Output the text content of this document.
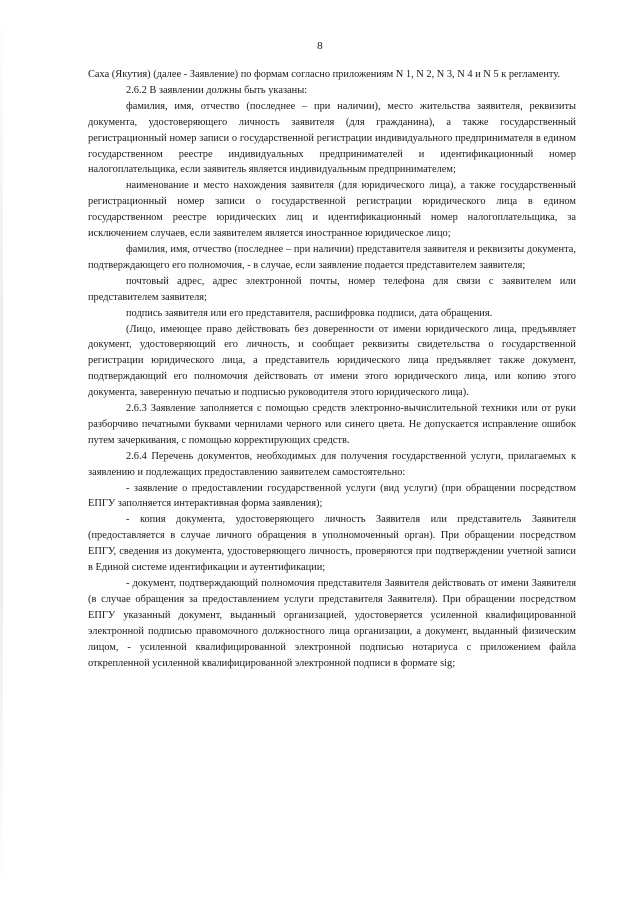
8

Саха (Якутия) (далее - Заявление) по формам согласно приложениям N 1, N 2, N 3, N 4 и N 5 к регламенту.

2.6.2 В заявлении должны быть указаны:

фамилия, имя, отчество (последнее – при наличии), место жительства заявителя, реквизиты документа, удостоверяющего личность заявителя (для гражданина), а также государственный регистрационный номер записи о государственной регистрации индивидуального предпринимателя в едином государственном реестре индивидуальных предпринимателей и идентификационный номер налогоплательщика, если заявитель является индивидуальным предпринимателем;

наименование и место нахождения заявителя (для юридического лица), а также государственный регистрационный номер записи о государственной регистрации юридического лица в едином государственном реестре юридических лиц и идентификационный номер налогоплательщика, за исключением случаев, если заявителем является иностранное юридическое лицо;

фамилия, имя, отчество (последнее – при наличии) представителя заявителя и реквизиты документа, подтверждающего его полномочия, - в случае, если заявление подается представителем заявителя;

почтовый адрес, адрес электронной почты, номер телефона для связи с заявителем или представителем заявителя;

подпись заявителя или его представителя, расшифровка подписи, дата обращения.

(Лицо, имеющее право действовать без доверенности от имени юридического лица, предъявляет документ, удостоверяющий его личность, и сообщает реквизиты свидетельства о государственной регистрации юридического лица, а представитель юридического лица предъявляет также документ, подтверждающий его полномочия действовать от имени этого юридического лица, или копию этого документа, заверенную печатью и подписью руководителя этого юридического лица).

2.6.3 Заявление заполняется с помощью средств электронно-вычислительной техники или от руки разборчиво печатными буквами чернилами черного или синего цвета. Не допускается исправление ошибок путем зачеркивания, с помощью корректирующих средств.

2.6.4 Перечень документов, необходимых для получения государственной услуги, прилагаемых к заявлению и подлежащих предоставлению заявителем самостоятельно:

- заявление о предоставлении государственной услуги (вид услуги) (при обращении посредством ЕПГУ заполняется интерактивная форма заявления);

- копия документа, удостоверяющего личность Заявителя или представитель Заявителя (предоставляется в случае личного обращения в уполномоченный орган). При обращении посредством ЕПГУ, сведения из документа, удостоверяющего личность, проверяются при подтверждении учетной записи в Единой системе идентификации и аутентификации;

- документ, подтверждающий полномочия представителя Заявителя действовать от имени Заявителя (в случае обращения за предоставлением услуги представителя Заявителя). При обращении посредством ЕПГУ указанный документ, выданный организацией, удостоверяется усиленной квалифицированной электронной подписью правомочного должностного лица организации, а документ, выданный физическим лицом, - усиленной квалифицированной электронной подписью нотариуса с приложением файла открепленной усиленной квалифицированной электронной подписи в формате sig;
